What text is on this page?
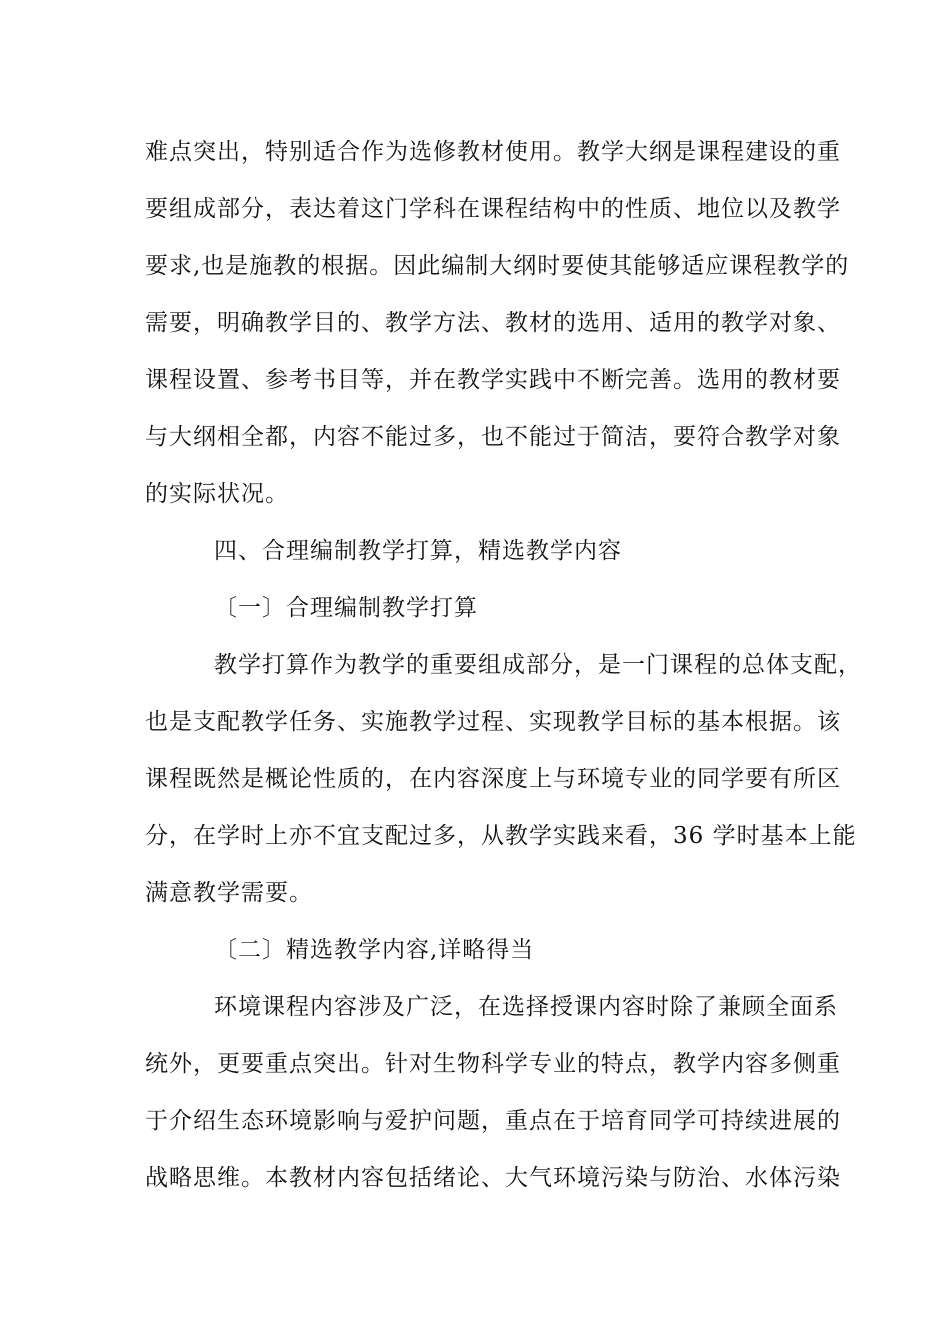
难点突出，特别适合作为选修教材使用。教学大纲是课程建设的重
要组成部分，表达着这门学科在课程结构中的性质、地位以及教学
要求,也是施教的根据。因此编制大纲时要使其能够适应课程教学的
需要，明确教学目的、教学方法、教材的选用、适用的教学对象、
课程设置、参考书目等，并在教学实践中不断完善。选用的教材要
与大纲相全都，内容不能过多，也不能过于简洁，要符合教学对象
的实际状况。
四、合理编制教学打算，精选教学内容
〔一〕合理编制教学打算
教学打算作为教学的重要组成部分，是一门课程的总体支配，
也是支配教学任务、实施教学过程、实现教学目标的基本根据。该
课程既然是概论性质的，在内容深度上与环境专业的同学要有所区
分，在学时上亦不宜支配过多，从教学实践来看，36 学时基本上能
满意教学需要。
〔二〕精选教学内容,详略得当
环境课程内容涉及广泛，在选择授课内容时除了兼顾全面系
统外，更要重点突出。针对生物科学专业的特点，教学内容多侧重
于介绍生态环境影响与爱护问题，重点在于培育同学可持续进展的
战略思维。本教材内容包括绪论、大气环境污染与防治、水体污染
